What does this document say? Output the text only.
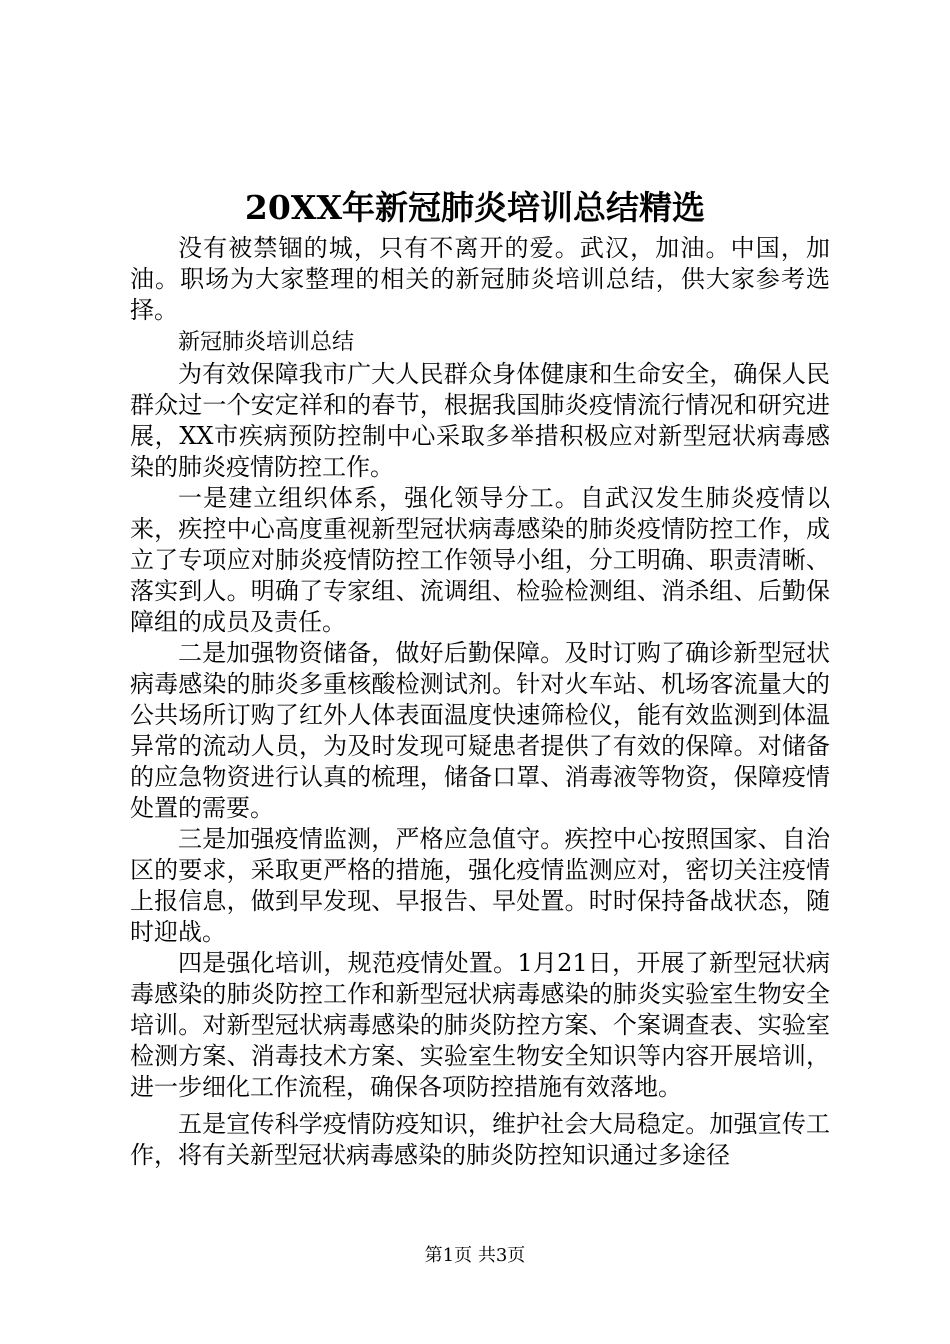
20XX年新冠肺炎培训总结精选

没有被禁锢的城，只有不离开的爱。武汉，加油。中国，加油。职场为大家整理的相关的新冠肺炎培训总结，供大家参考选择。

新冠肺炎培训总结

为有效保障我市广大人民群众身体健康和生命安全，确保人民群众过一个安定祥和的春节，根据我国肺炎疫情流行情况和研究进展，XX市疾病预防控制中心采取多举措积极应对新型冠状病毒感染的肺炎疫情防控工作。

一是建立组织体系，强化领导分工。自武汉发生肺炎疫情以来，疾控中心高度重视新型冠状病毒感染的肺炎疫情防控工作，成立了专项应对肺炎疫情防控工作领导小组，分工明确、职责清晰、落实到人。明确了专家组、流调组、检验检测组、消杀组、后勤保障组的成员及责任。

二是加强物资储备，做好后勤保障。及时订购了确诊新型冠状病毒感染的肺炎多重核酸检测试剂。针对火车站、机场客流量大的公共场所订购了红外人体表面温度快速筛检仪，能有效监测到体温异常的流动人员，为及时发现可疑患者提供了有效的保障。对储备的应急物资进行认真的梳理，储备口罩、消毒液等物资，保障疫情处置的需要。

三是加强疫情监测，严格应急值守。疾控中心按照国家、自治区的要求，采取更严格的措施，强化疫情监测应对，密切关注疫情上报信息，做到早发现、早报告、早处置。时时保持备战状态，随时迎战。

四是强化培训，规范疫情处置。1月21日，开展了新型冠状病毒感染的肺炎防控工作和新型冠状病毒感染的肺炎实验室生物安全培训。对新型冠状病毒感染的肺炎防控方案、个案调查表、实验室检测方案、消毒技术方案、实验室生物安全知识等内容开展培训，进一步细化工作流程，确保各项防控措施有效落地。

五是宣传科学疫情防疫知识，维护社会大局稳定。加强宣传工作，将有关新型冠状病毒感染的肺炎防控知识通过多途径

第1页 共3页
